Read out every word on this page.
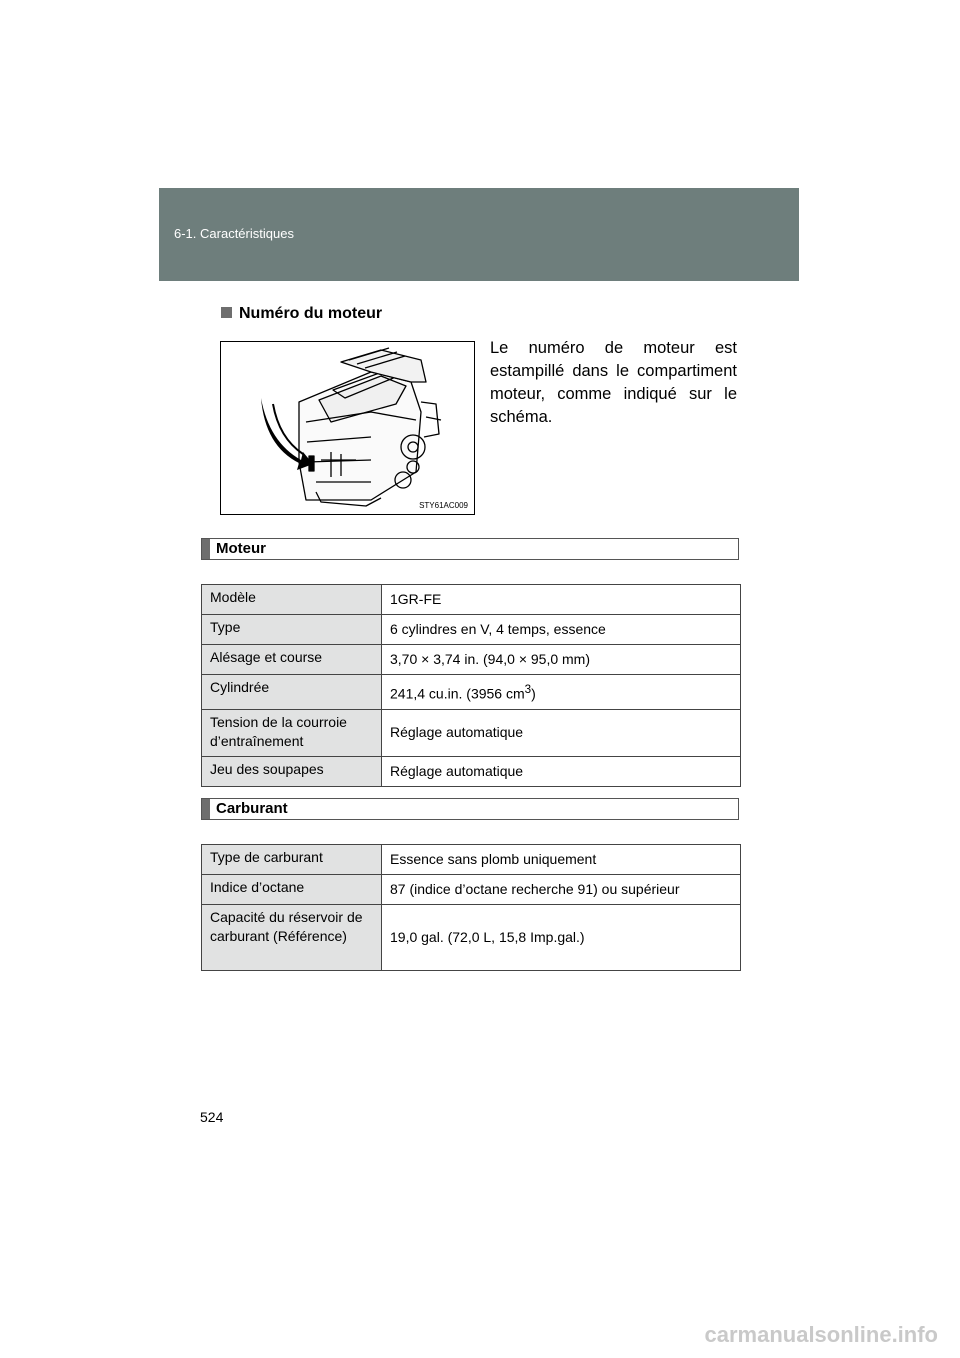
6-1. Caractéristiques
Numéro du moteur
STY61AC009

Le numéro de moteur est estampillé dans le compartiment moteur, comme indiqué sur le schéma.

Moteur
Modèle	1GR-FE
Type	6 cylindres en V, 4 temps, essence
Alésage et course	3,70 × 3,74 in. (94,0 × 95,0 mm)
Cylindrée	241,4 cu.in. (3956 $cm^3$)
Tension de la courroie d’entraînement	Réglage automatique
Jeu des soupapes	Réglage automatique
Carburant
Type de carburant	Essence sans plomb uniquement
Indice d’octane	87 (indice d’octane recherche 91) ou supérieur
Capacité du réservoir de carburant (Référence)	19,0 gal. (72,0 L, 15,8 Imp.gal.)
524
carmanualsonline.info
